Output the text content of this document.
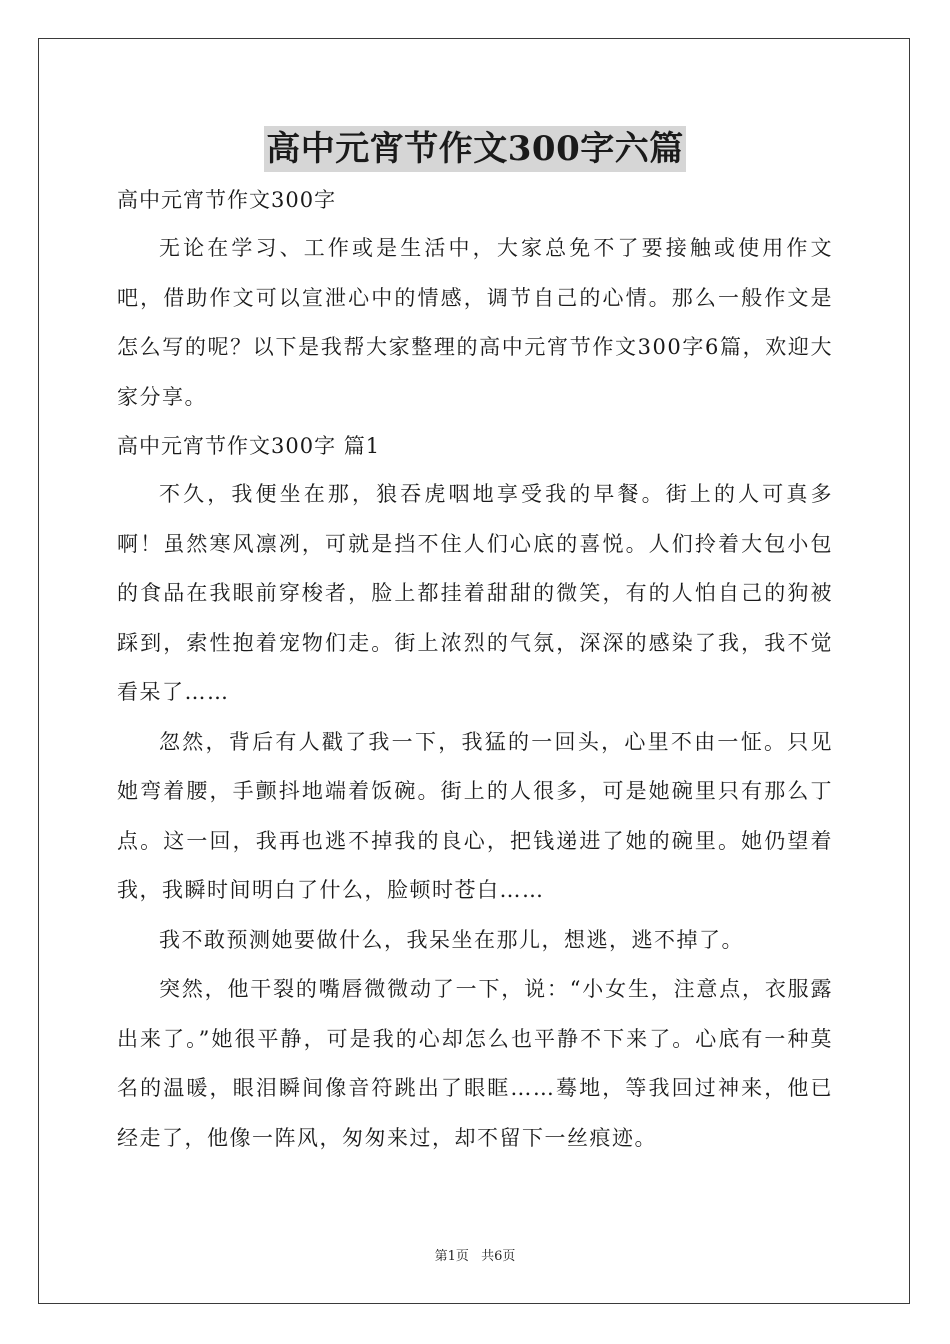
高中元宵节作文300字六篇

高中元宵节作文300字

无论在学习、工作或是生活中，大家总免不了要接触或使用作文吧，借助作文可以宣泄心中的情感，调节自己的心情。那么一般作文是怎么写的呢？以下是我帮大家整理的高中元宵节作文300字6篇，欢迎大家分享。

高中元宵节作文300字 篇1

不久，我便坐在那，狼吞虎咽地享受我的早餐。街上的人可真多啊！虽然寒风凛冽，可就是挡不住人们心底的喜悦。人们拎着大包小包的食品在我眼前穿梭者，脸上都挂着甜甜的微笑，有的人怕自己的狗被踩到，索性抱着宠物们走。街上浓烈的气氛，深深的感染了我，我不觉看呆了……

忽然，背后有人戳了我一下，我猛的一回头，心里不由一怔。只见她弯着腰，手颤抖地端着饭碗。街上的人很多，可是她碗里只有那么丁点。这一回，我再也逃不掉我的良心，把钱递进了她的碗里。她仍望着我，我瞬时间明白了什么，脸顿时苍白……

我不敢预测她要做什么，我呆坐在那儿，想逃，逃不掉了。

突然，他干裂的嘴唇微微动了一下，说：“小女生，注意点，衣服露出来了。”她很平静，可是我的心却怎么也平静不下来了。心底有一种莫名的温暖，眼泪瞬间像音符跳出了眼眶……蓦地，等我回过神来，他已经走了，他像一阵风，匆匆来过，却不留下一丝痕迹。

第1页 共6页
